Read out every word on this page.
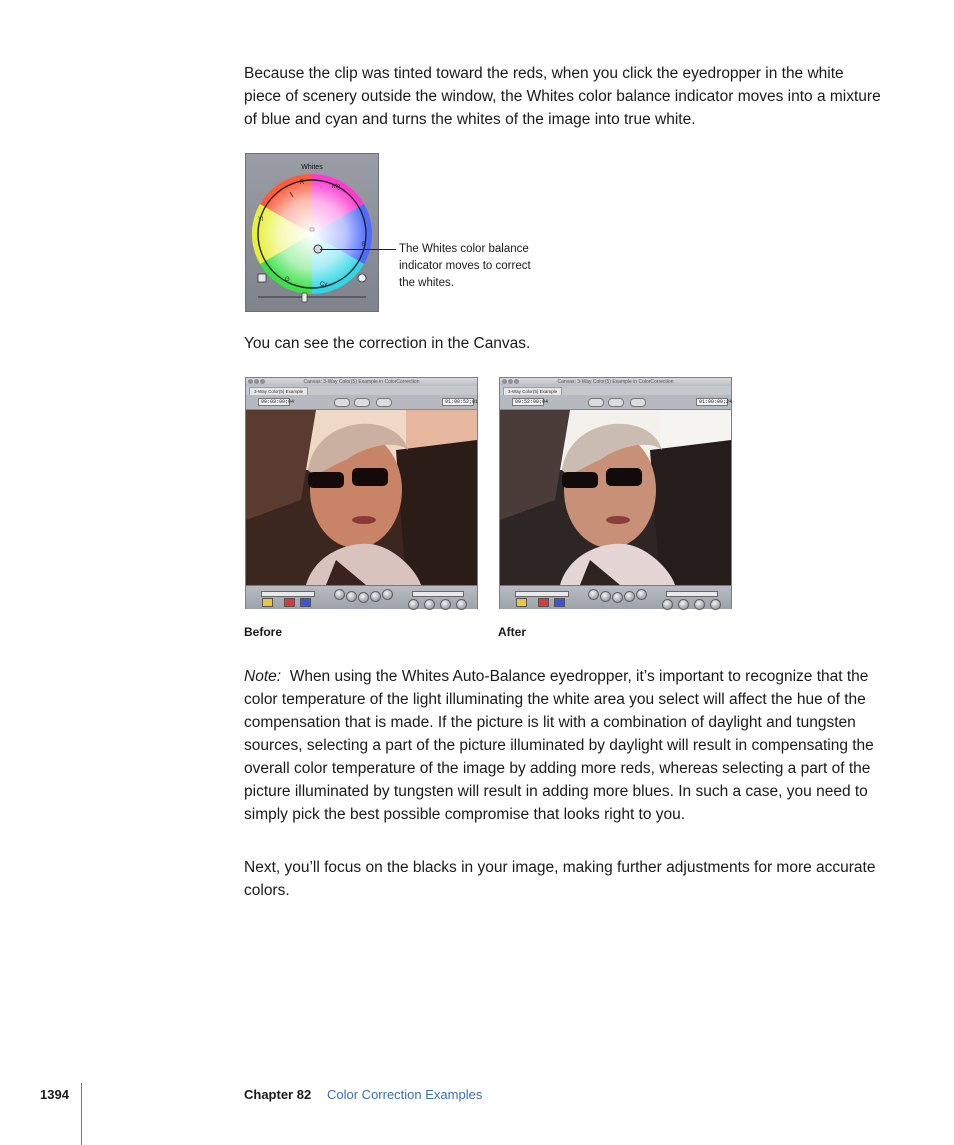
Because the clip was tinted toward the reds, when you click the eyedropper in the white piece of scenery outside the window, the Whites color balance indicator moves into a mixture of blue and cyan and turns the whites of the image into true white.

Whites
R
Mg
Yl
B
G
Cy
The Whites color balance indicator moves to correct the whites.

You can see the correction in the Canvas.

Canvas: 3-Way Color(5) Example in ColorCorrection
3-Way Color(5) Example
00:03:00;04	01:00:52;01
Canvas: 3-Way Color(5) Example in ColorCorrection
3-Way Color(5) Example
00:52:00;04	01:00:00;24
Before	After

Note: When using the Whites Auto-Balance eyedropper, it’s important to recognize that the color temperature of the light illuminating the white area you select will affect the hue of the compensation that is made. If the picture is lit with a combination of daylight and tungsten sources, selecting a part of the picture illuminated by daylight will result in compensating the overall color temperature of the image by adding more reds, whereas selecting a part of the picture illuminated by tungsten will result in adding more blues. In such a case, you need to simply pick the best possible compromise that looks right to you.

Next, you’ll focus on the blacks in your image, making further adjustments for more accurate colors.

1394	Chapter 82 Color Correction Examples
